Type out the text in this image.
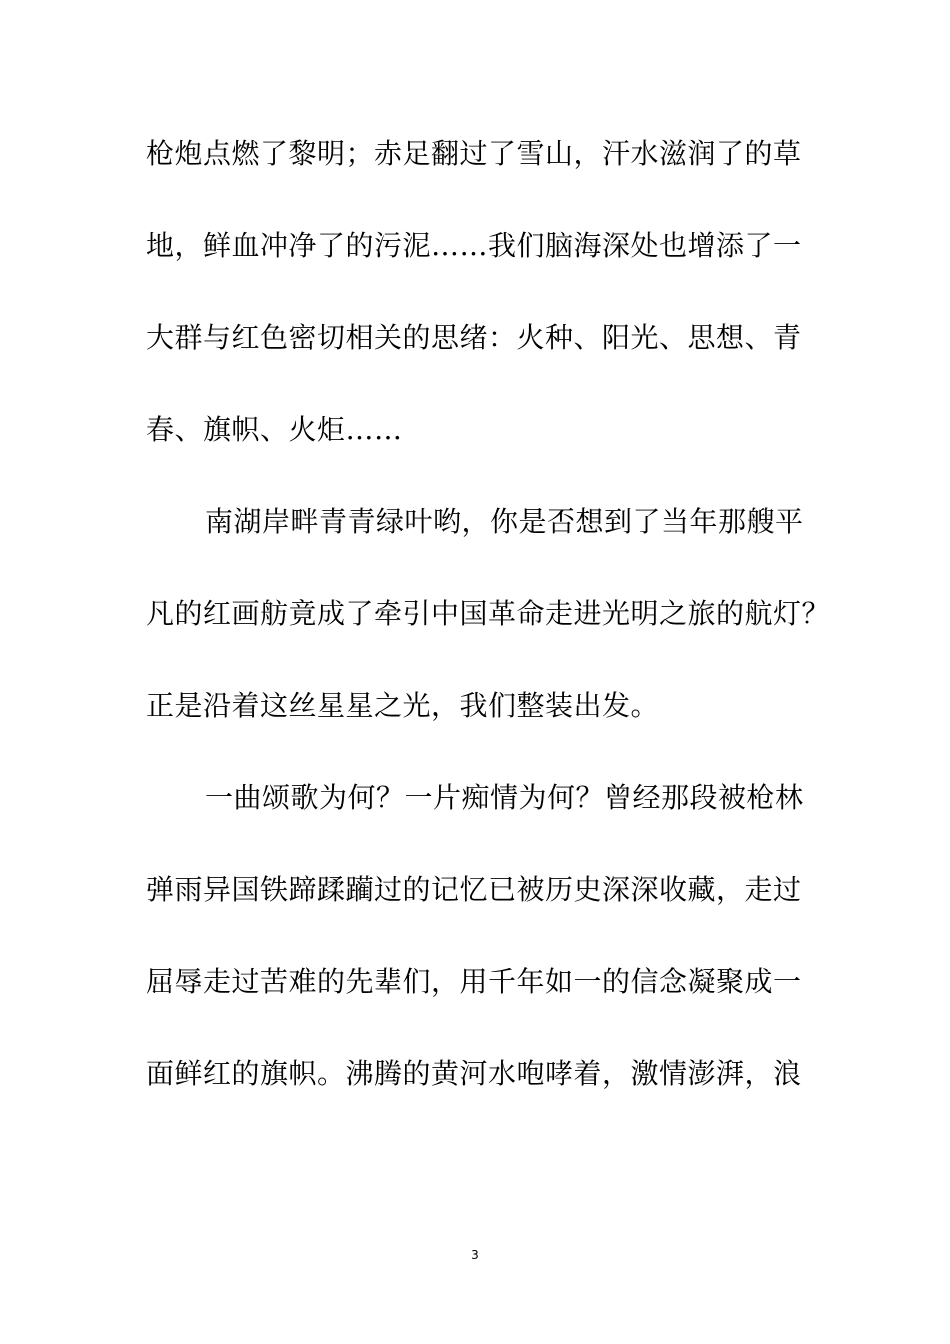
枪炮点燃了黎明；赤足翻过了雪山，汗水滋润了的草
地，鲜血冲净了的污泥……我们脑海深处也增添了一
大群与红色密切相关的思绪：火种、阳光、思想、青
春、旗帜、火炬……
南湖岸畔青青绿叶哟，你是否想到了当年那艘平
凡的红画舫竟成了牵引中国革命走进光明之旅的航灯？
正是沿着这丝星星之光，我们整装出发。
一曲颂歌为何？一片痴情为何？曾经那段被枪林
弹雨异国铁蹄蹂躏过的记忆已被历史深深收藏，走过
屈辱走过苦难的先辈们，用千年如一的信念凝聚成一
面鲜红的旗帜。沸腾的黄河水咆哮着，激情澎湃，浪
3
